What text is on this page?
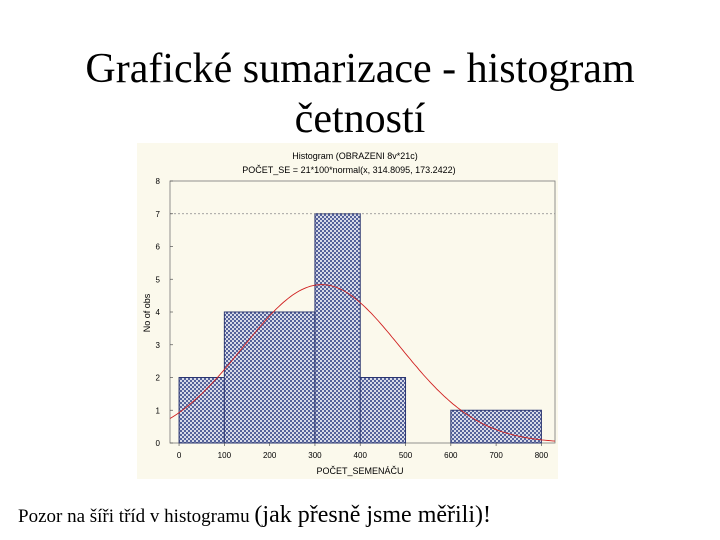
Grafické sumarizace - histogram
četností
Histogram (OBRAZENI 8v*21c)
POČET_SE = 21*100*normal(x, 314.8095, 173.2422)
No of obs
POČET_SEMENÁČU
0
1
2
3
4
5
6
7
8
0	100	200	300	400	500	600	700	800
Pozor na šíři tříd v histogramu (jak přesně jsme měřili)!
